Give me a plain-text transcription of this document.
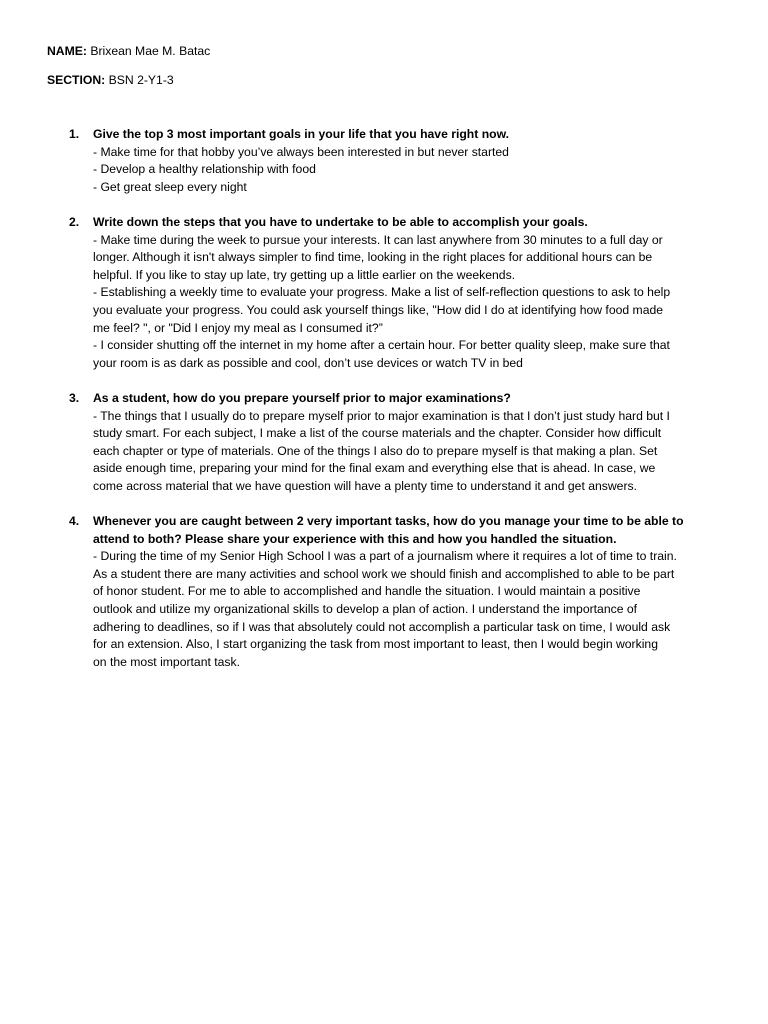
NAME: Brixean Mae M. Batac
SECTION: BSN 2-Y1-3
1. Give the top 3 most important goals in your life that you have right now.
- Make time for that hobby you’ve always been interested in but never started
- Develop a healthy relationship with food
- Get great sleep every night
2. Write down the steps that you have to undertake to be able to accomplish your goals.
- Make time during the week to pursue your interests. It can last anywhere from 30 minutes to a full day or
longer. Although it isn't always simpler to find time, looking in the right places for additional hours can be
helpful. If you like to stay up late, try getting up a little earlier on the weekends.
- Establishing a weekly time to evaluate your progress. Make a list of self-reflection questions to ask to help
you evaluate your progress. You could ask yourself things like, "How did I do at identifying how food made
me feel? ", or "Did I enjoy my meal as I consumed it?”
- I consider shutting off the internet in my home after a certain hour. For better quality sleep, make sure that
your room is as dark as possible and cool, don’t use devices or watch TV in bed
3. As a student, how do you prepare yourself prior to major examinations?
- The things that I usually do to prepare myself prior to major examination is that I don’t just study hard but I
study smart. For each subject, I make a list of the course materials and the chapter. Consider how difficult
each chapter or type of materials. One of the things I also do to prepare myself is that making a plan. Set
aside enough time, preparing your mind for the final exam and everything else that is ahead. In case, we
come across material that we have question will have a plenty time to understand it and get answers.
4. Whenever you are caught between 2 very important tasks, how do you manage your time to be able to
attend to both? Please share your experience with this and how you handled the situation.
- During the time of my Senior High School I was a part of a journalism where it requires a lot of time to train.
As a student there are many activities and school work we should finish and accomplished to able to be part
of honor student. For me to able to accomplished and handle the situation. I would maintain a positive
outlook and utilize my organizational skills to develop a plan of action. I understand the importance of
adhering to deadlines, so if I was that absolutely could not accomplish a particular task on time, I would ask
for an extension. Also, I start organizing the task from most important to least, then I would begin working
on the most important task.
